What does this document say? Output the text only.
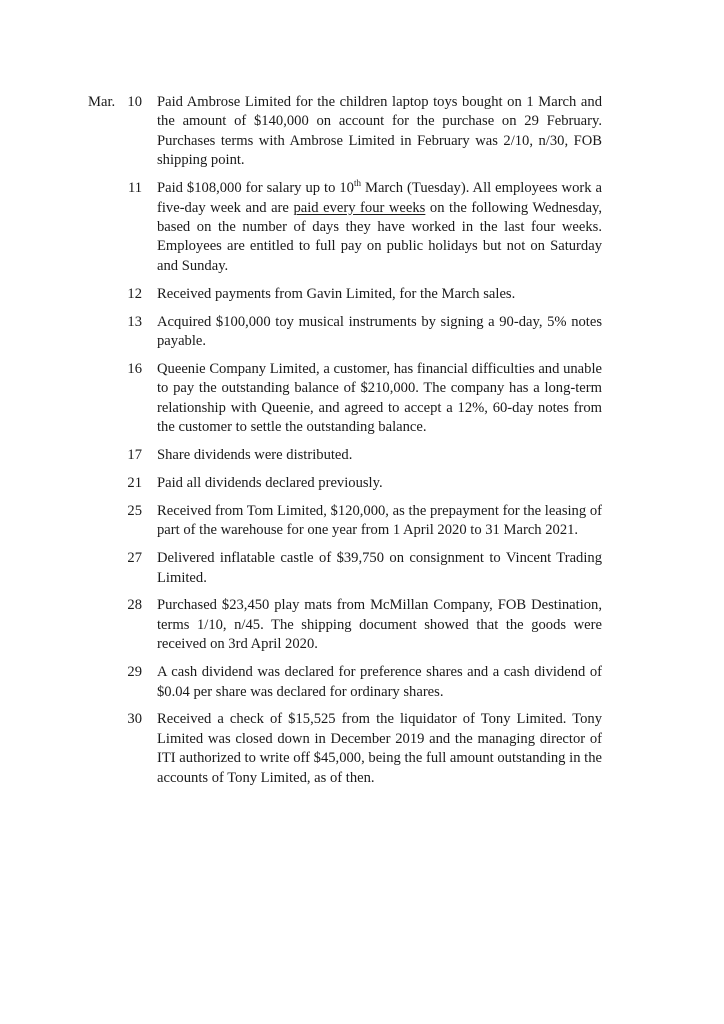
Mar. 10	Paid Ambrose Limited for the children laptop toys bought on 1 March and the amount of $140,000 on account for the purchase on 29 February. Purchases terms with Ambrose Limited in February was 2/10, n/30, FOB shipping point.
11	Paid $108,000 for salary up to 10th March (Tuesday). All employees work a five-day week and are paid every four weeks on the following Wednesday, based on the number of days they have worked in the last four weeks. Employees are entitled to full pay on public holidays but not on Saturday and Sunday.
12	Received payments from Gavin Limited, for the March sales.
13	Acquired $100,000 toy musical instruments by signing a 90-day, 5% notes payable.
16	Queenie Company Limited, a customer, has financial difficulties and unable to pay the outstanding balance of $210,000. The company has a long-term relationship with Queenie, and agreed to accept a 12%, 60-day notes from the customer to settle the outstanding balance.
17	Share dividends were distributed.
21	Paid all dividends declared previously.
25	Received from Tom Limited, $120,000, as the prepayment for the leasing of part of the warehouse for one year from 1 April 2020 to 31 March 2021.
27	Delivered inflatable castle of $39,750 on consignment to Vincent Trading Limited.
28	Purchased $23,450 play mats from McMillan Company, FOB Destination, terms 1/10, n/45. The shipping document showed that the goods were received on 3rd April 2020.
29	A cash dividend was declared for preference shares and a cash dividend of $0.04 per share was declared for ordinary shares.
30	Received a check of $15,525 from the liquidator of Tony Limited. Tony Limited was closed down in December 2019 and the managing director of ITI authorized to write off $45,000, being the full amount outstanding in the accounts of Tony Limited, as of then.
